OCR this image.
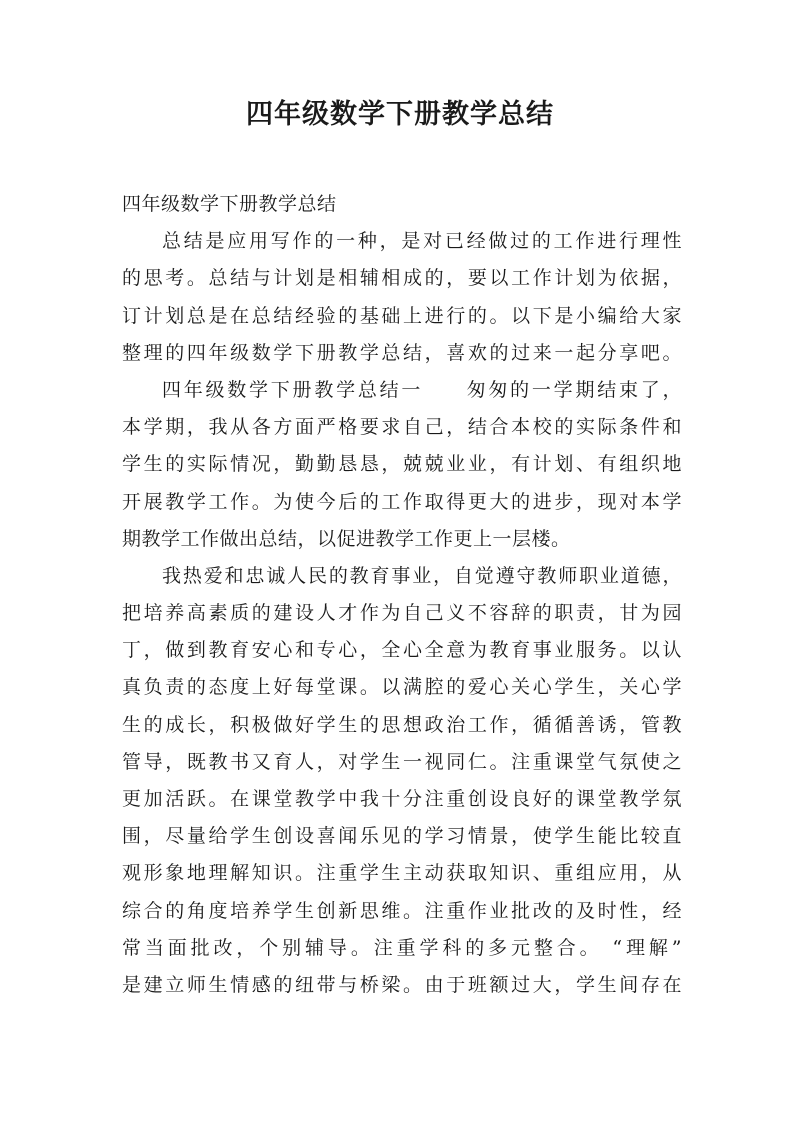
四年级数学下册教学总结
四年级数学下册教学总结
总结是应用写作的一种，是对已经做过的工作进行理性
的思考。总结与计划是相辅相成的，要以工作计划为依据，
订计划总是在总结经验的基础上进行的。以下是小编给大家
整理的四年级数学下册教学总结，喜欢的过来一起分享吧。
四年级数学下册教学总结一　　匆匆的一学期结束了，
本学期，我从各方面严格要求自己，结合本校的实际条件和
学生的实际情况，勤勤恳恳，兢兢业业，有计划、有组织地
开展教学工作。为使今后的工作取得更大的进步，现对本学
期教学工作做出总结，以促进教学工作更上一层楼。
我热爱和忠诚人民的教育事业，自觉遵守教师职业道德，
把培养高素质的建设人才作为自己义不容辞的职责，甘为园
丁，做到教育安心和专心，全心全意为教育事业服务。以认
真负责的态度上好每堂课。以满腔的爱心关心学生，关心学
生的成长，积极做好学生的思想政治工作，循循善诱，管教
管导，既教书又育人，对学生一视同仁。注重课堂气氛使之
更加活跃。在课堂教学中我十分注重创设良好的课堂教学氛
围，尽量给学生创设喜闻乐见的学习情景，使学生能比较直
观形象地理解知识。注重学生主动获取知识、重组应用，从
综合的角度培养学生创新思维。注重作业批改的及时性，经
常当面批改，个别辅导。注重学科的多元整合。 “理解”
是建立师生情感的纽带与桥梁。由于班额过大，学生间存在
